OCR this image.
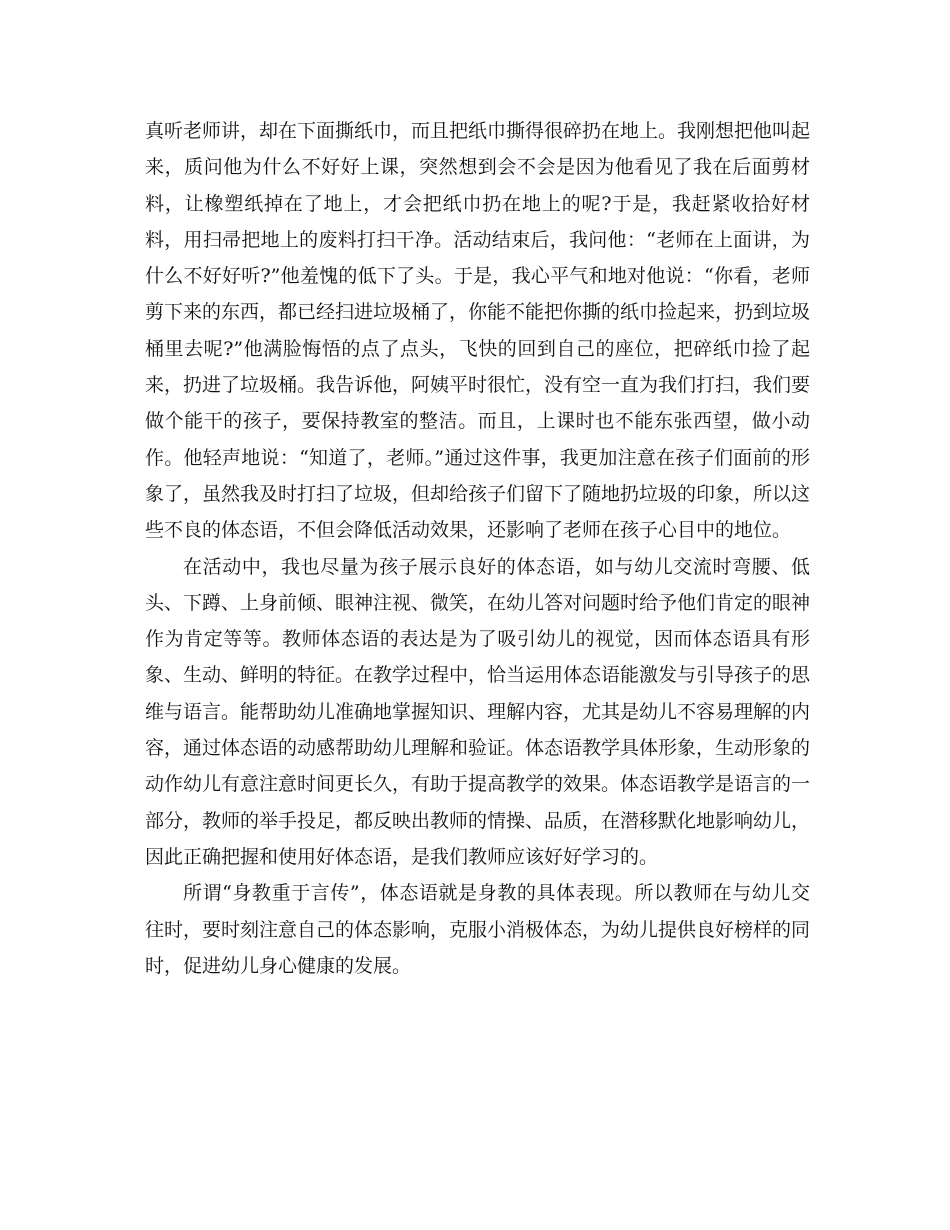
真听老师讲，却在下面撕纸巾，而且把纸巾撕得很碎扔在地上。我刚想把他叫起来，质问他为什么不好好上课，突然想到会不会是因为他看见了我在后面剪材料，让橡塑纸掉在了地上，才会把纸巾扔在地上的呢?于是，我赶紧收拾好材料，用扫帚把地上的废料打扫干净。活动结束后，我问他：“老师在上面讲，为什么不好好听?”他羞愧的低下了头。于是，我心平气和地对他说：“你看，老师剪下来的东西，都已经扫进垃圾桶了，你能不能把你撕的纸巾捡起来，扔到垃圾桶里去呢?”他满脸悔悟的点了点头，飞快的回到自己的座位，把碎纸巾捡了起来，扔进了垃圾桶。我告诉他，阿姨平时很忙，没有空一直为我们打扫，我们要做个能干的孩子，要保持教室的整洁。而且，上课时也不能东张西望，做小动作。他轻声地说：“知道了，老师。”通过这件事，我更加注意在孩子们面前的形象了，虽然我及时打扫了垃圾，但却给孩子们留下了随地扔垃圾的印象，所以这些不良的体态语，不但会降低活动效果，还影响了老师在孩子心目中的地位。

在活动中，我也尽量为孩子展示良好的体态语，如与幼儿交流时弯腰、低头、下蹲、上身前倾、眼神注视、微笑，在幼儿答对问题时给予他们肯定的眼神作为肯定等等。教师体态语的表达是为了吸引幼儿的视觉，因而体态语具有形象、生动、鲜明的特征。在教学过程中，恰当运用体态语能激发与引导孩子的思维与语言。能帮助幼儿准确地掌握知识、理解内容，尤其是幼儿不容易理解的内容，通过体态语的动感帮助幼儿理解和验证。体态语教学具体形象，生动形象的动作幼儿有意注意时间更长久，有助于提高教学的效果。体态语教学是语言的一部分，教师的举手投足，都反映出教师的情操、品质，在潜移默化地影响幼儿，因此正确把握和使用好体态语，是我们教师应该好好学习的。

所谓“身教重于言传”，体态语就是身教的具体表现。所以教师在与幼儿交往时，要时刻注意自己的体态影响，克服小消极体态，为幼儿提供良好榜样的同时，促进幼儿身心健康的发展。
